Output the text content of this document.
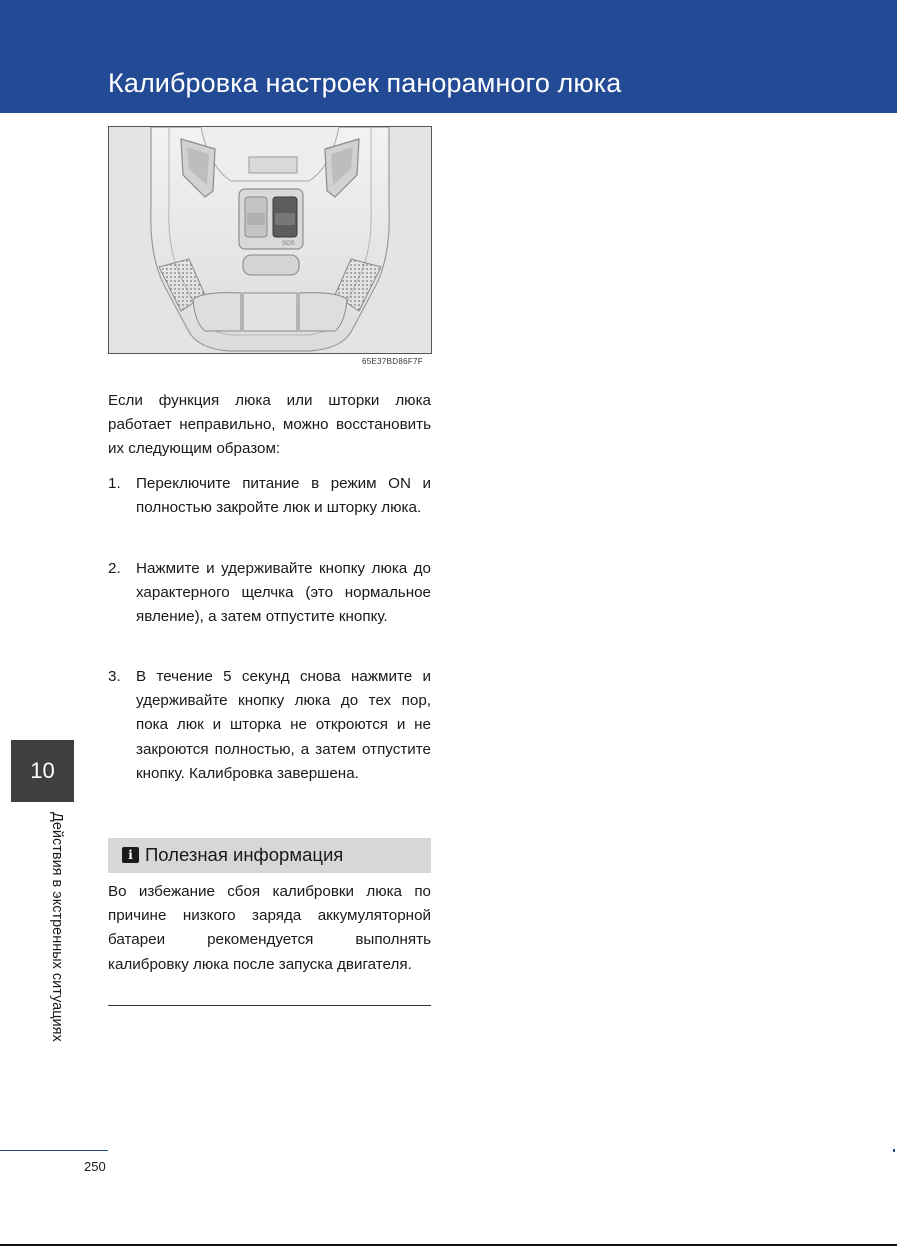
Калибровка настроек панорамного люка
SOS
65E37BD86F7F

Если функция люка или шторки люка работает неправильно, можно восстановить их следующим образом:

1. Переключите питание в режим ON и полностью закройте люк и шторку люка.
2. Нажмите и удерживайте кнопку люка до характерного щелчка (это нормальное явление), а затем отпустите кнопку.
3. В течение 5 секунд снова нажмите и удерживайте кнопку люка до тех пор, пока люк и шторка не откроются и не закроются полностью, а затем отпустите кнопку. Калибровка завершена.
i Полезная информация

Во избежание сбоя калибровки люка по причине низкого заряда аккумуляторной батареи рекомендуется выполнять калибровку люка после запуска двигателя.

10
Действия в экстренных ситуациях
250
